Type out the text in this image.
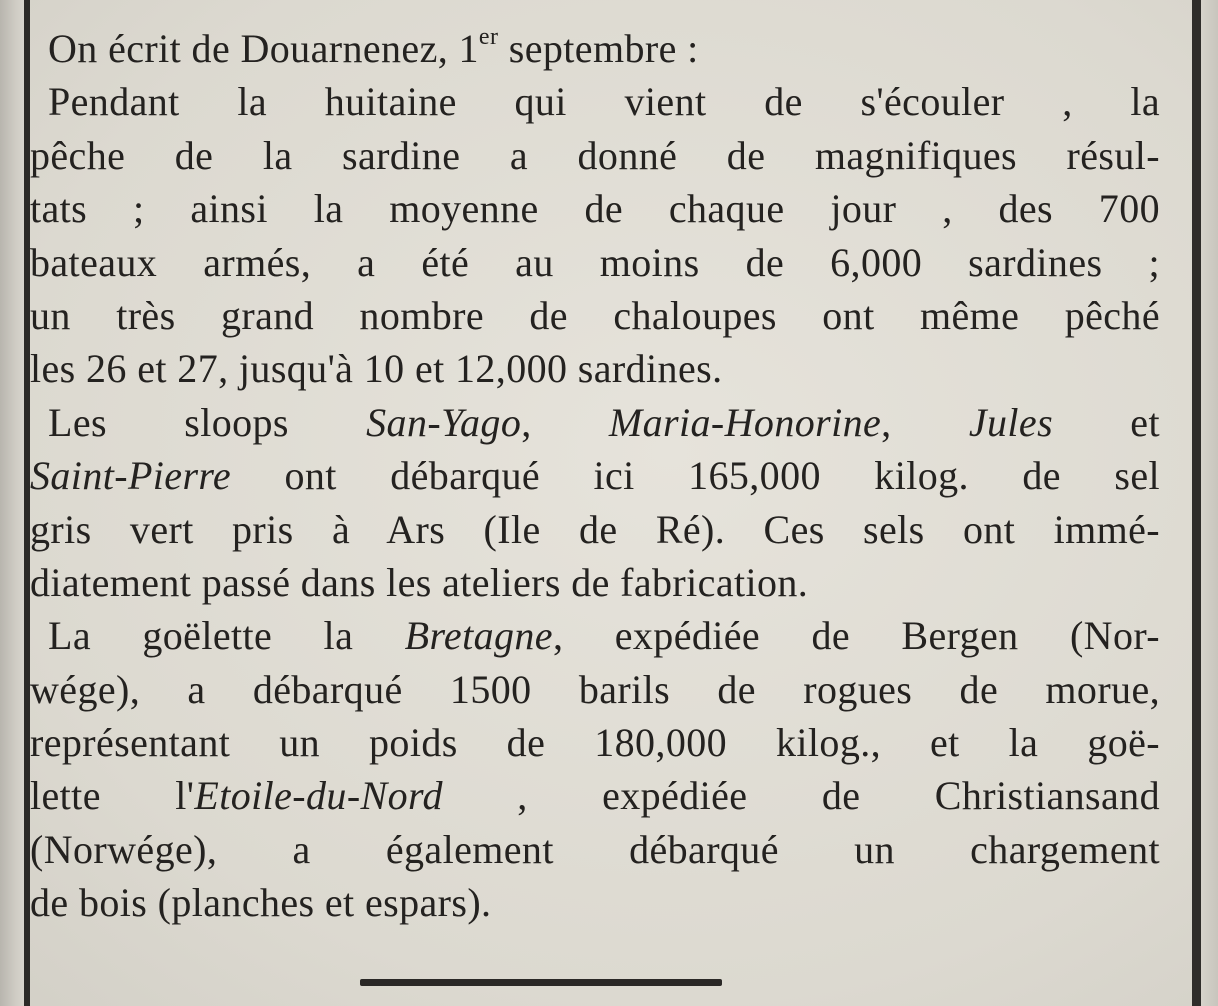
On écrit de Douarnenez, 1er septembre :
Pendant la huitaine qui vient de s'écouler , la
pêche de la sardine a donné de magnifiques résul-
tats ; ainsi la moyenne de chaque jour , des 700
bateaux armés, a été au moins de 6,000 sardines ;
un très grand nombre de chaloupes ont même pêché
les 26 et 27, jusqu'à 10 et 12,000 sardines.
Les sloops San-Yago, Maria-Honorine, Jules et
Saint-Pierre ont débarqué ici 165,000 kilog. de sel
gris vert pris à Ars (Ile de Ré). Ces sels ont immé-
diatement passé dans les ateliers de fabrication.
La goëlette la Bretagne, expédiée de Bergen (Nor-
wége), a débarqué 1500 barils de rogues de morue,
représentant un poids de 180,000 kilog., et la goë-
lette l'Etoile-du-Nord , expédiée de Christiansand
(Norwége), a également débarqué un chargement
de bois (planches et espars).
